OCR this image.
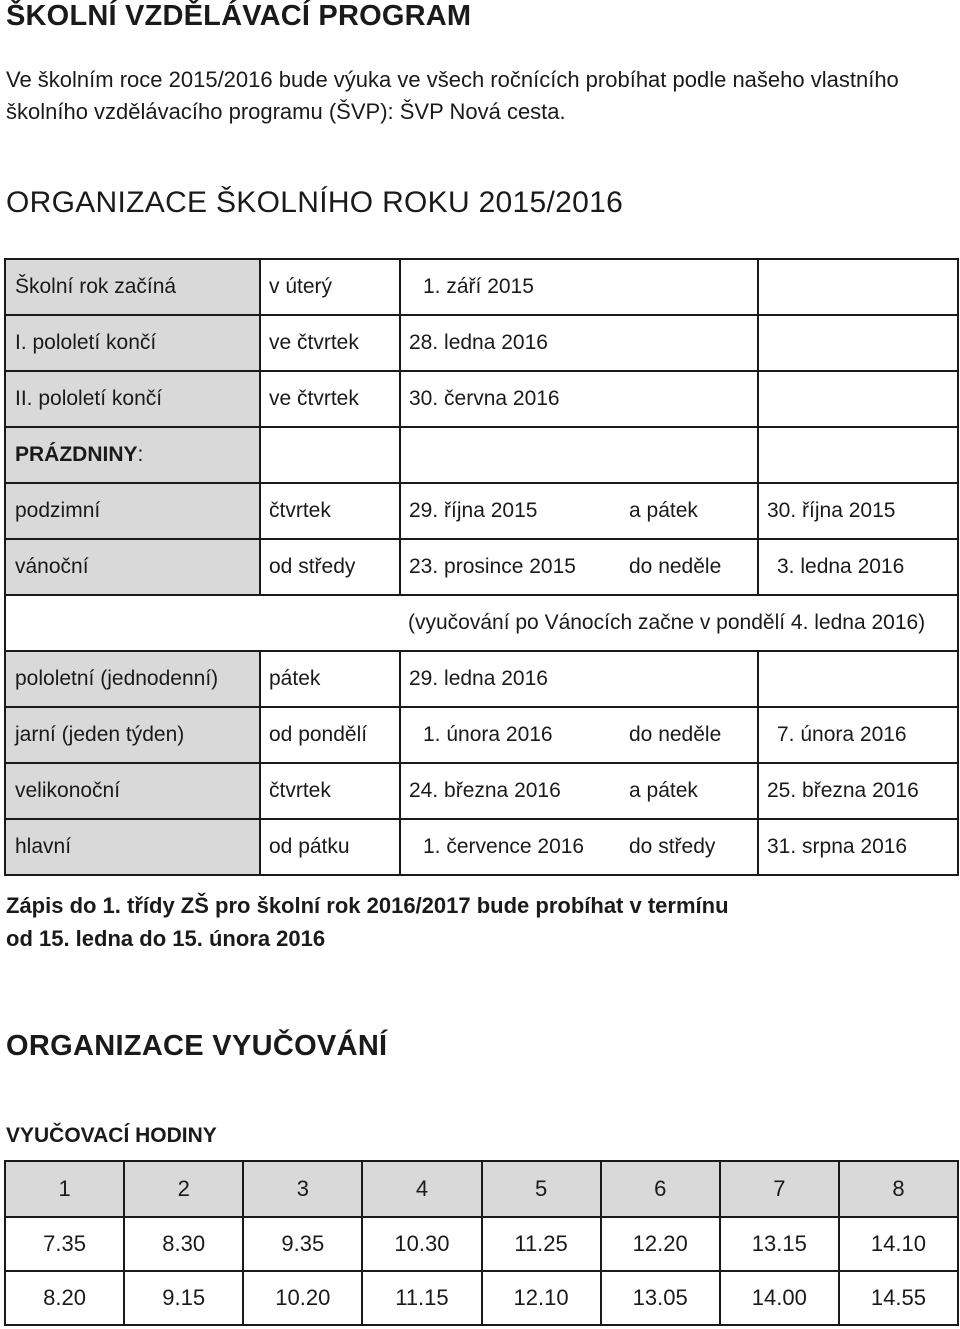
ŠKOLNÍ VZDĚLÁVACÍ PROGRAM
Ve školním roce 2015/2016 bude výuka ve všech ročnících probíhat podle našeho vlastního
školního vzdělávacího programu (ŠVP): ŠVP Nová cesta.
ORGANIZACE ŠKOLNÍHO ROKU 2015/2016
Školní rok začíná	v úterý	1. září 2015		
I. pololetí končí	ve čtvrtek	28. ledna 2016		
II. pololetí končí	ve čtvrtek	30. června 2016		
PRÁZDNINY:				
podzimní	čtvrtek	29. října 2015	a pátek	30. října 2015
vánoční	od středy	23. prosince 2015	do neděle	3. ledna 2016
		(vyučování po Vánocích začne v pondělí 4. ledna 2016)		
pololetní (jednodenní)	pátek	29. ledna 2016		
jarní (jeden týden)	od pondělí	1. února 2016	do neděle	7. února 2016
velikonoční	čtvrtek	24. března 2016	a pátek	25. března 2016
hlavní	od pátku	1. července 2016	do středy	31. srpna 2016
Zápis do 1. třídy ZŠ pro školní rok 2016/2017 bude probíhat v termínu
od 15. ledna do 15. února 2016
ORGANIZACE VYUČOVÁNÍ
VYUČOVACÍ HODINY
1	2	3	4	5	6	7	8
7.35	8.30	9.35	10.30	11.25	12.20	13.15	14.10
8.20	9.15	10.20	11.15	12.10	13.05	14.00	14.55
